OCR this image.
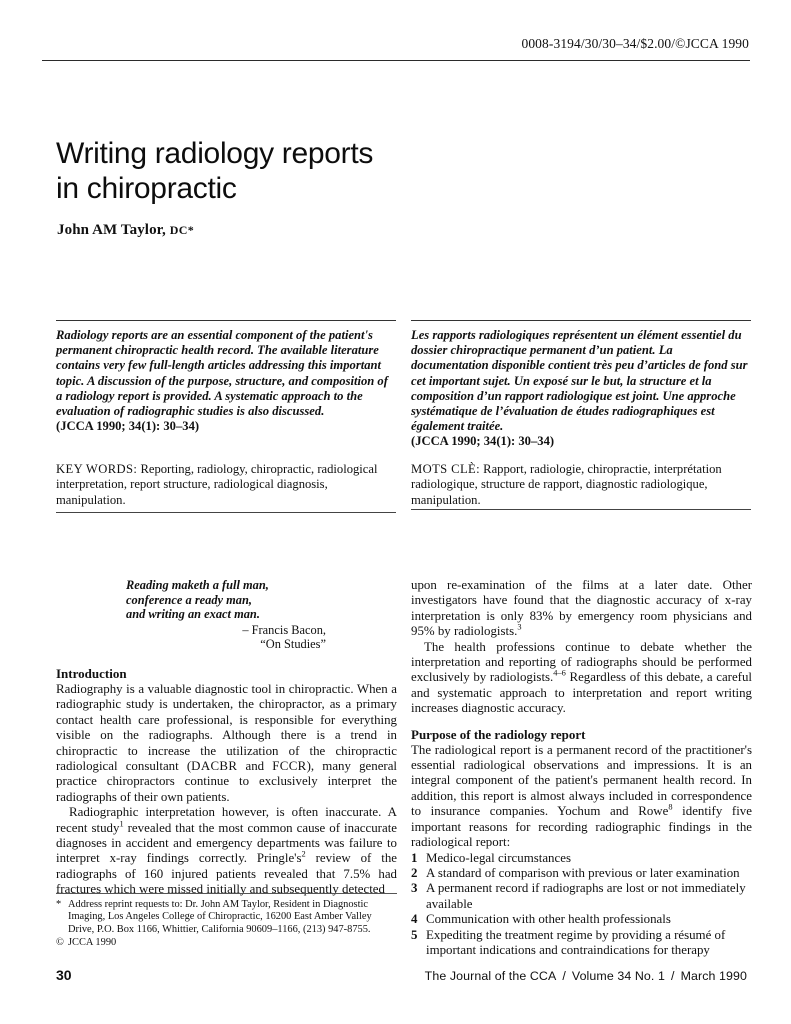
0008-3194/30/30–34/$2.00/©JCCA 1990
Writing radiology reports
in chiropractic
John AM Taylor, DC*

Radiology reports are an essential component of the patient's permanent chiropractic health record. The available literature contains very few full-length articles addressing this important topic. A discussion of the purpose, structure, and composition of a radiology report is provided. A systematic approach to the evaluation of radiographic studies is also discussed.

(JCCA 1990; 34(1): 30–34)

Les rapports radiologiques représentent un élément essentiel du dossier chiropractique permanent d’un patient. La documentation disponible contient très peu d’articles de fond sur cet important sujet. Un exposé sur le but, la structure et la composition d’un rapport radiologique est joint. Une approche systématique de l’évaluation de études radiographiques est également traitée.

(JCCA 1990; 34(1): 30–34)

KEY WORDS: Reporting, radiology, chiropractic, radiological interpretation, report structure, radiological diagnosis, manipulation.
MOTS CLÈ: Rapport, radiologie, chiropractie, interprétation radiologique, structure de rapport, diagnostic radiologique, manipulation.
Reading maketh a full man,
conference a ready man,
and writing an exact man.
– Francis Bacon,
“On Studies”
Introduction

Radiography is a valuable diagnostic tool in chiropractic. When a radiographic study is undertaken, the chiropractor, as a primary contact health care professional, is responsible for everything visible on the radiographs. Although there is a trend in chiropractic to increase the utilization of the chiropractic radiological consultant (DACBR and FCCR), many general practice chiropractors continue to exclusively interpret the radiographs of their own patients.

Radiographic interpretation however, is often inaccurate. A recent study$^1$ revealed that the most common cause of inaccurate diagnoses in accident and emergency departments was failure to interpret x-ray findings correctly. $Pringle's^2$ review of the radiographs of 160 injured patients revealed that 7.5% had fractures which were missed initially and subsequently detected

upon re-examination of the films at a later date. Other investigators have found that the diagnostic accuracy of x-ray interpretation is only 83% by emergency room physicians and 95% by radiologists.$^3$

The health professions continue to debate whether the interpretation and reporting of radiographs should be performed exclusively by radiologists.$^{4-6}$ Regardless of this debate, a careful and systematic approach to interpretation and report writing increases diagnostic accuracy.

Purpose of the radiology report

The radiological report is a permanent record of the practitioner's essential radiological observations and impressions. It is an integral component of the patient's permanent health record. In addition, this report is almost always included in correspondence to insurance companies. Yochum and Rowe$^8$ identify five important reasons for recording radiographic findings in the radiological report:

Medico-legal circumstances
A standard of comparison with previous or later examination
A permanent record if radiographs are lost or not immediately available
Communication with other health professionals
Expediting the treatment regime by providing a résumé of important indications and contraindications for therapy
* Address reprint requests to: Dr. John AM Taylor, Resident in Diagnostic Imaging, Los Angeles College of Chiropractic, 16200 East Amber Valley Drive, P.O. Box 1166, Whittier, California 90609–1166, (213) 947-8755.
© JCCA 1990
30	The Journal of the CCA / Volume 34 No. 1 / March 1990
